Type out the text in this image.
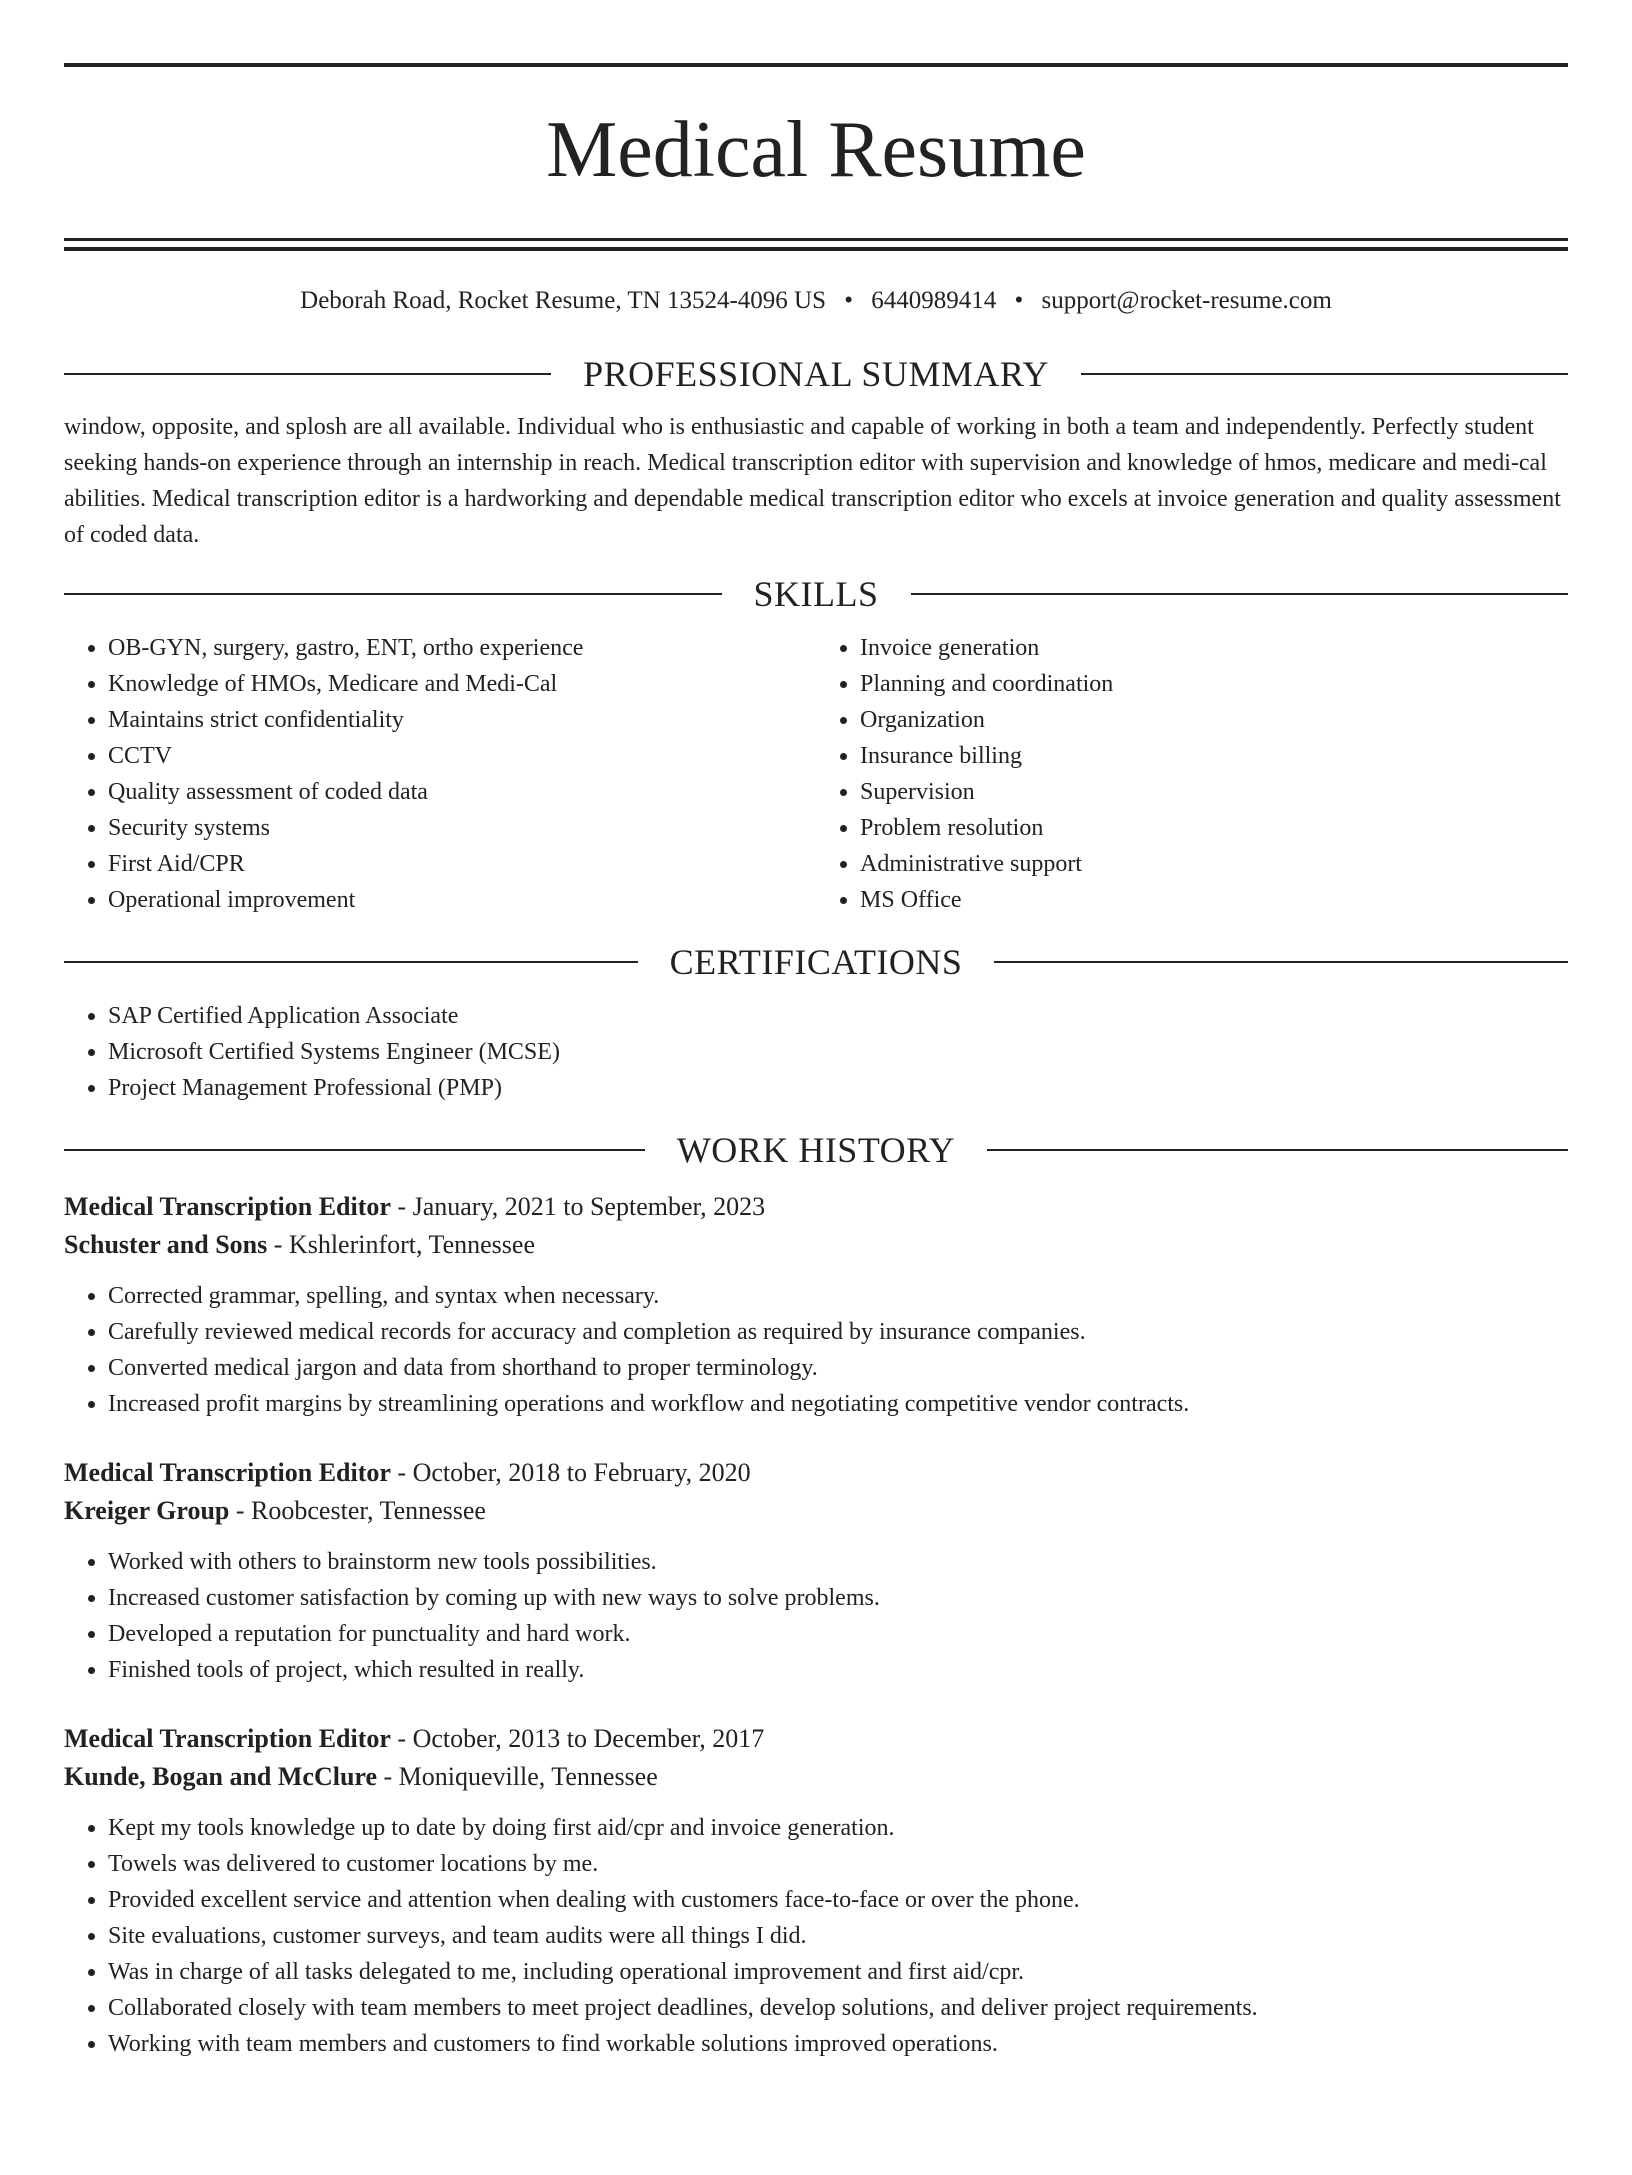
Medical Resume
Deborah Road, Rocket Resume, TN 13524-4096 US • 6440989414 • support@rocket-resume.com
PROFESSIONAL SUMMARY

window, opposite, and splosh are all available. Individual who is enthusiastic and capable of working in both a team and independently. Perfectly student seeking hands-on experience through an internship in reach. Medical transcription editor with supervision and knowledge of hmos, medicare and medi-cal abilities. Medical transcription editor is a hardworking and dependable medical transcription editor who excels at invoice generation and quality assessment of coded data.

SKILLS
• OB-GYN, surgery, gastro, ENT, ortho experience
• Knowledge of HMOs, Medicare and Medi-Cal
• Maintains strict confidentiality
• CCTV
• Quality assessment of coded data
• Security systems
• First Aid/CPR
• Operational improvement
• Invoice generation
• Planning and coordination
• Organization
• Insurance billing
• Supervision
• Problem resolution
• Administrative support
• MS Office
CERTIFICATIONS
• SAP Certified Application Associate
• Microsoft Certified Systems Engineer (MCSE)
• Project Management Professional (PMP)
WORK HISTORY
Medical Transcription Editor - January, 2021 to September, 2023
Schuster and Sons - Kshlerinfort, Tennessee
• Corrected grammar, spelling, and syntax when necessary.
• Carefully reviewed medical records for accuracy and completion as required by insurance companies.
• Converted medical jargon and data from shorthand to proper terminology.
• Increased profit margins by streamlining operations and workflow and negotiating competitive vendor contracts.
Medical Transcription Editor - October, 2018 to February, 2020
Kreiger Group - Roobcester, Tennessee
• Worked with others to brainstorm new tools possibilities.
• Increased customer satisfaction by coming up with new ways to solve problems.
• Developed a reputation for punctuality and hard work.
• Finished tools of project, which resulted in really.
Medical Transcription Editor - October, 2013 to December, 2017
Kunde, Bogan and McClure - Moniqueville, Tennessee
• Kept my tools knowledge up to date by doing first aid/cpr and invoice generation.
• Towels was delivered to customer locations by me.
• Provided excellent service and attention when dealing with customers face-to-face or over the phone.
• Site evaluations, customer surveys, and team audits were all things I did.
• Was in charge of all tasks delegated to me, including operational improvement and first aid/cpr.
• Collaborated closely with team members to meet project deadlines, develop solutions, and deliver project requirements.
• Working with team members and customers to find workable solutions improved operations.
